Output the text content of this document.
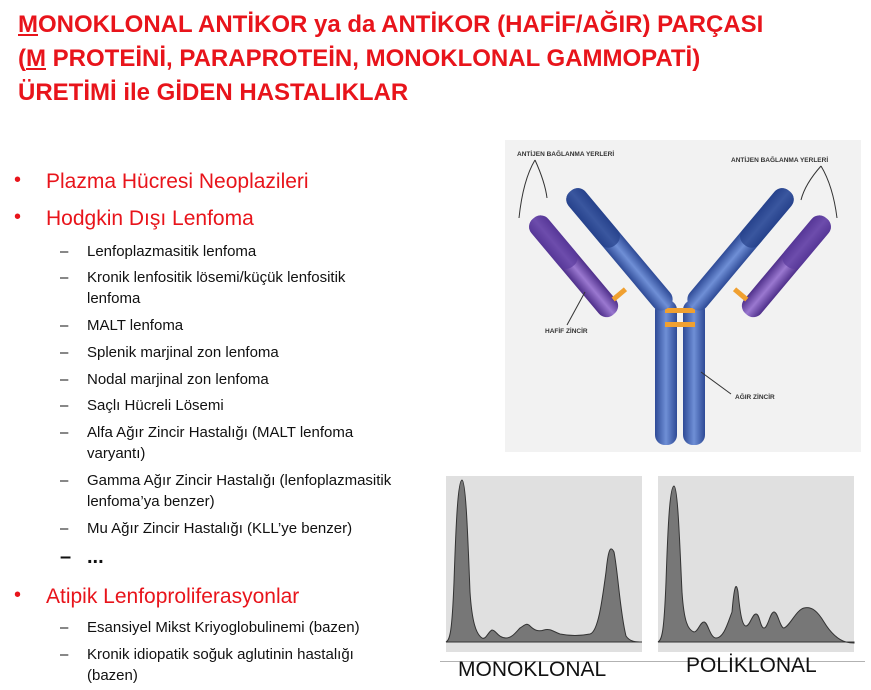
MONOKLONAL ANTİKOR ya da ANTİKOR (HAFİF/AĞIR) PARÇASI
(M PROTEİNİ, PARAPROTEİN, MONOKLONAL GAMMOPATİ)
ÜRETİMİ ile GİDEN HASTALIKLAR
• Plazma Hücresi Neoplazileri
• Hodgkin Dışı Lenfoma
– Lenfoplazmasitik lenfoma
– Kronik lenfositik lösemi/küçük lenfositik lenfoma
– MALT lenfoma
– Splenik marjinal zon lenfoma
– Nodal marjinal zon lenfoma
– Saçlı Hücreli Lösemi
– Alfa Ağır Zincir Hastalığı (MALT lenfoma varyantı)
– Gamma Ağır Zincir Hastalığı (lenfoplazmasitik lenfoma’ya benzer)
– Mu Ağır Zincir Hastalığı (KLL’ye benzer)
– ...
• Atipik Lenfoproliferasyonlar
– Esansiyel Mikst Kriyoglobulinemi (bazen)
– Kronik idiopatik soğuk aglutinin hastalığı (bazen)
ANTİJEN BAĞLANMA YERLERİ
ANTİJEN BAĞLANMA YERLERİ
HAFİF ZİNCİR
AĞIR ZİNCİR
MONOKLONAL	POLİKLONAL
